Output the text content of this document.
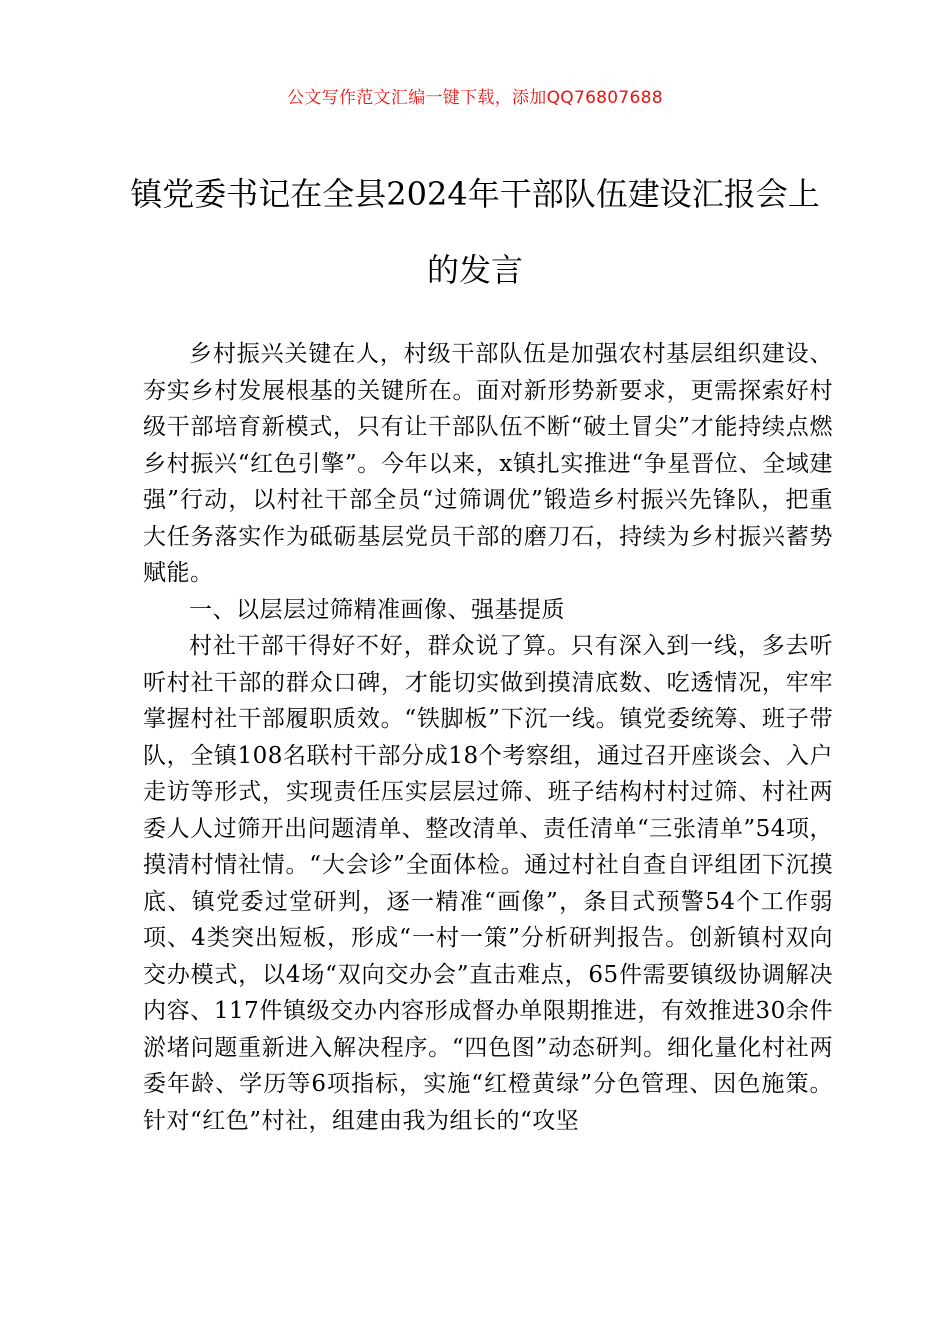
公文写作范文汇编一键下载，添加QQ76807688
镇党委书记在全县2024年干部队伍建设汇报会上的发言

乡村振兴关键在人，村级干部队伍是加强农村基层组织建设、夯实乡村发展根基的关键所在。面对新形势新要求，更需探索好村级干部培育新模式，只有让干部队伍不断“破土冒尖”才能持续点燃乡村振兴“红色引擎”。今年以来，x镇扎实推进“争星晋位、全域建强”行动，以村社干部全员“过筛调优”锻造乡村振兴先锋队，把重大任务落实作为砥砺基层党员干部的磨刀石，持续为乡村振兴蓄势赋能。

一、以层层过筛精准画像、强基提质

村社干部干得好不好，群众说了算。只有深入到一线，多去听听村社干部的群众口碑，才能切实做到摸清底数、吃透情况，牢牢掌握村社干部履职质效。“铁脚板”下沉一线。镇党委统筹、班子带队，全镇108名联村干部分成18个考察组，通过召开座谈会、入户走访等形式，实现责任压实层层过筛、班子结构村村过筛、村社两委人人过筛开出问题清单、整改清单、责任清单“三张清单”54项，摸清村情社情。“大会诊”全面体检。通过村社自查自评组团下沉摸底、镇党委过堂研判，逐一精准“画像”，条目式预警54个工作弱项、4类突出短板，形成“一村一策”分析研判报告。创新镇村双向交办模式，以4场“双向交办会”直击难点，65件需要镇级协调解决内容、117件镇级交办内容形成督办单限期推进，有效推进30余件淤堵问题重新进入解决程序。“四色图”动态研判。细化量化村社两委年龄、学历等6项指标，实施“红橙黄绿”分色管理、因色施策。针对“红色”村社，组建由我为组长的“攻坚
